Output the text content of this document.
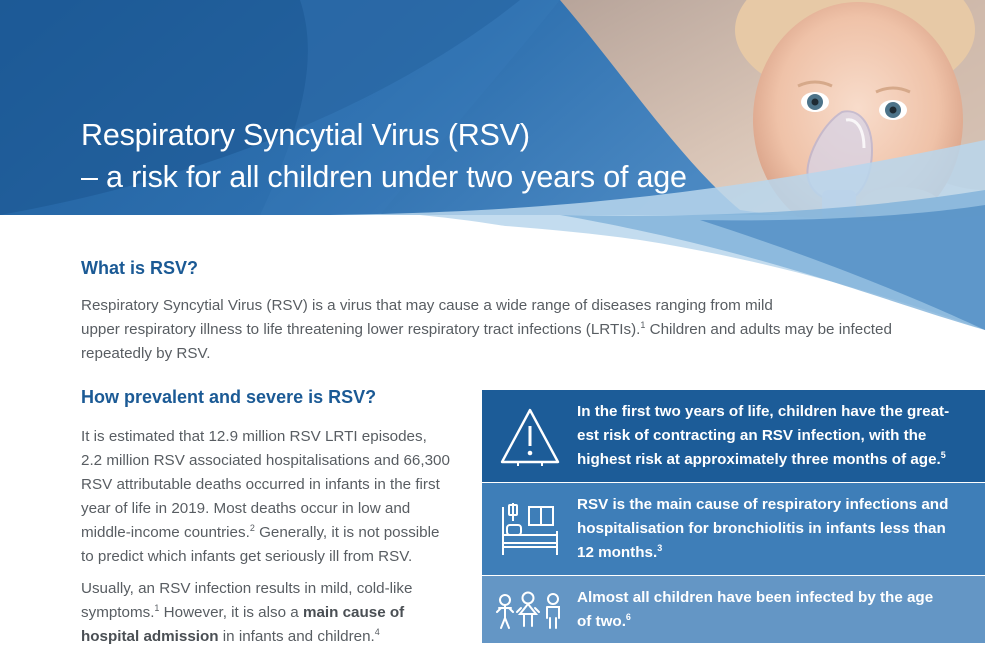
Respiratory Syncytial Virus (RSV)
– a risk for all children under two years of age
What is RSV?

Respiratory Syncytial Virus (RSV) is a virus that may cause a wide range of diseases ranging from mild
upper respiratory illness to life threatening lower respiratory tract infections (LRTIs).$^1$ Children and adults may be infected
repeatedly by RSV.

How prevalent and severe is RSV?

It is estimated that 12.9 million RSV LRTI episodes,
2.2 million RSV associated hospitalisations and 66,300
RSV attributable deaths occurred in infants in the first
year of life in 2019. Most deaths occur in low and
middle-income countries.$^2$ Generally, it is not possible
to predict which infants get seriously ill from RSV.

Usually, an RSV infection results in mild, cold-like
symptoms.$^1$ However, it is also a main cause of
hospital admission in infants and children.$^4$

In the first two years of life, children have the great-
est risk of contracting an RSV infection, with the
highest risk at approximately three months of age.$^5$
RSV is the main cause of respiratory infections and
hospitalisation for bronchiolitis in infants less than
12 months.$^3$
Almost all children have been infected by the age
of two.$^6$
